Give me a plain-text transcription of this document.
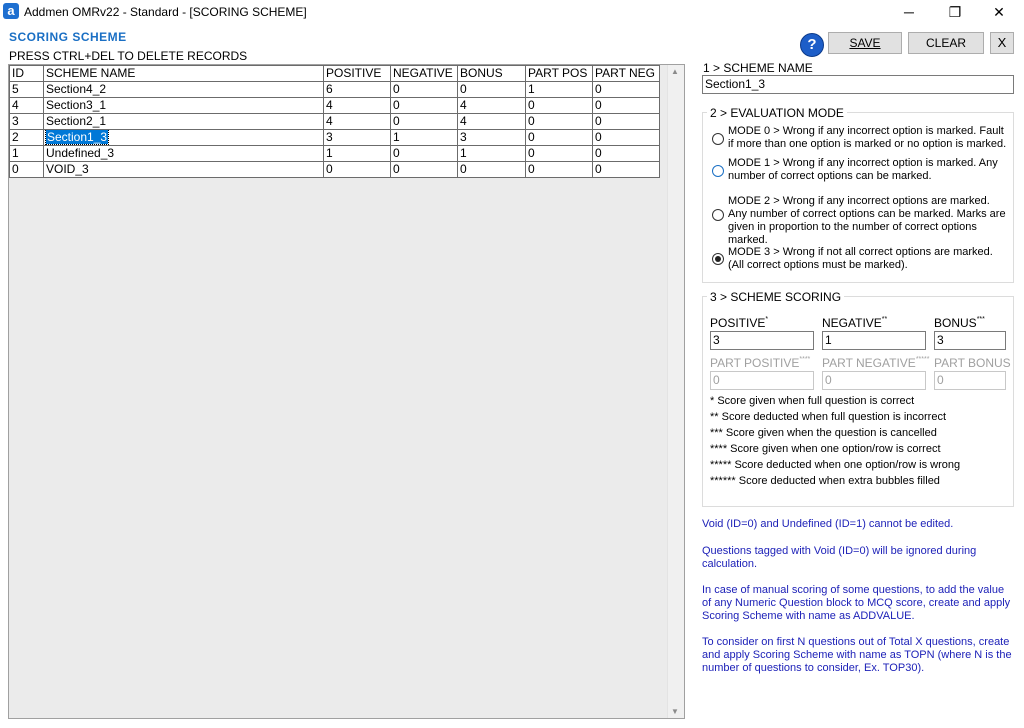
a Addmen OMRv22 - Standard - [SCORING SCHEME]	─	❐	✕
SCORING SCHEME
PRESS CTRL+DEL TO DELETE RECORDS
?	SAVE	CLEAR	X
ID	SCHEME NAME	POSITIVE	NEGATIVE	BONUS	PART POS	PART NEG
5	Section4_2	6	0	0	1	0
4	Section3_1	4	0	4	0	0
3	Section2_1	4	0	4	0	0
2	Section1_3	3	1	3	0	0
1	Undefined_3	1	0	1	0	0
0	VOID_3	0	0	0	0	0
▲
▼
1 > SCHEME NAME
Section1_3
2 > EVALUATION MODE
MODE 0 > Wrong if any incorrect option is marked. Fault if more than one option is marked or no option is marked.
MODE 1 > Wrong if any incorrect option is marked. Any number of correct options can be marked.
MODE 2 > Wrong if any incorrect options are marked. Any number of correct options can be marked. Marks are given in proportion to the number of correct options marked.
MODE 3 > Wrong if not all correct options are marked. (All correct options must be marked).
3 > SCHEME SCORING
POSITIVE*	NEGATIVE**	BONUS***
3	1	3
PART POSITIVE**** PART NEGATIVE***** PART BONUS
0	0	0
* Score given when full question is correct
** Score deducted when full question is incorrect
*** Score given when the question is cancelled
**** Score given when one option/row is correct
***** Score deducted when one option/row is wrong
****** Score deducted when extra bubbles filled
Void (ID=0) and Undefined (ID=1) cannot be edited.
Questions tagged with Void (ID=0) will be ignored during calculation.
In case of manual scoring of some questions, to add the value of any Numeric Question block to MCQ score, create and apply Scoring Scheme with name as ADDVALUE.
To consider on first N questions out of Total X questions, create and apply Scoring Scheme with name as TOPN (where N is the number of questions to consider, Ex. TOP30).
